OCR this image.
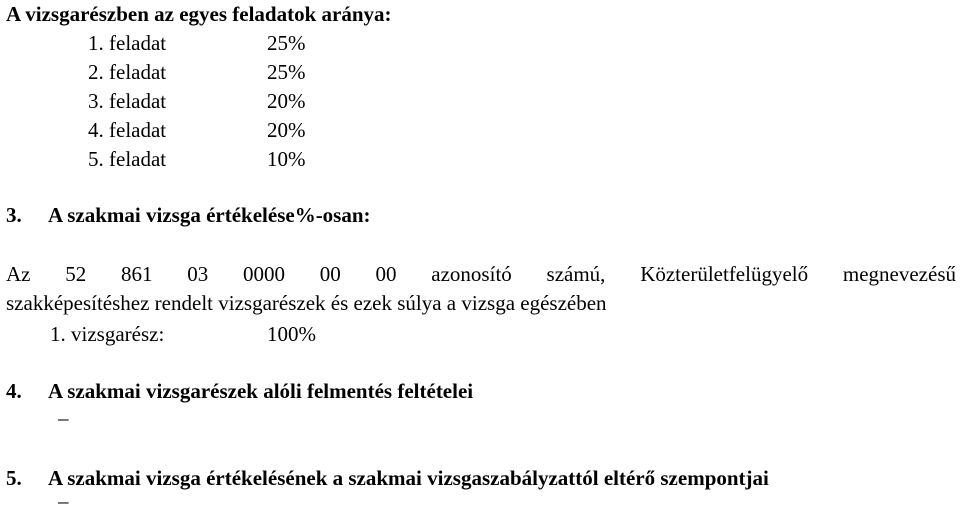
A vizsgarészben az egyes feladatok aránya:
1. feladat	25%
2. feladat	25%
3. feladat	20%
4. feladat	20%
5. feladat	10%
3. A szakmai vizsga értékelése%-osan:
Az 52 861 03 0000 00 00 azonosító számú, Közterületfelügyelő megnevezésű
szakképesítéshez rendelt vizsgarészek és ezek súlya a vizsga egészében
1. vizsgarész:	100%
4. A szakmai vizsgarészek alóli felmentés feltételei
–
5. A szakmai vizsga értékelésének a szakmai vizsgaszabályzattól eltérő szempontjai
–
